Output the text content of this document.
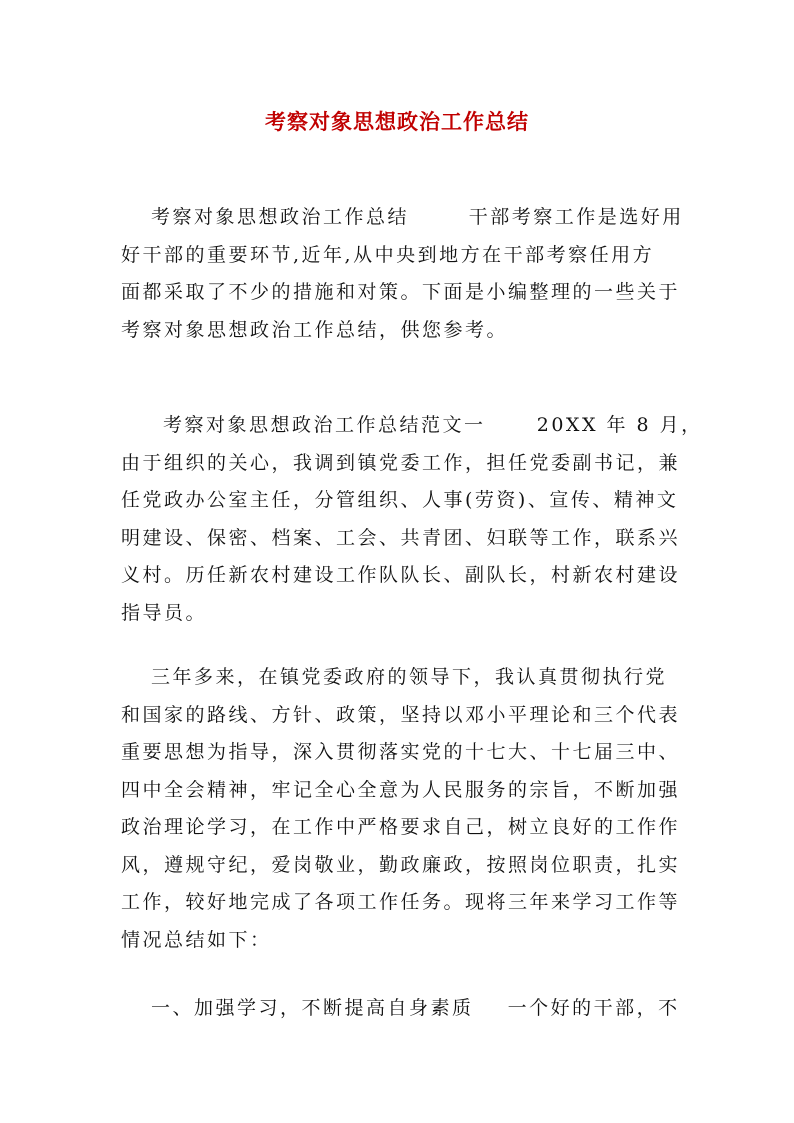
考察对象思想政治工作总结
考察对象思想政治工作总结       干部考察工作是选好用
好干部的重要环节,近年,从中央到地方在干部考察任用方
面都采取了不少的措施和对策。下面是小编整理的一些关于
考察对象思想政治工作总结，供您参考。
考察对象思想政治工作总结范文一      20XX 年 8 月，
由于组织的关心，我调到镇党委工作，担任党委副书记，兼
任党政办公室主任，分管组织、人事(劳资)、宣传、精神文
明建设、保密、档案、工会、共青团、妇联等工作，联系兴
义村。历任新农村建设工作队队长、副队长，村新农村建设
指导员。
三年多来，在镇党委政府的领导下，我认真贯彻执行党
和国家的路线、方针、政策，坚持以邓小平理论和三个代表
重要思想为指导，深入贯彻落实党的十七大、十七届三中、
四中全会精神，牢记全心全意为人民服务的宗旨，不断加强
政治理论学习，在工作中严格要求自己，树立良好的工作作
风，遵规守纪，爱岗敬业，勤政廉政，按照岗位职责，扎实
工作，较好地完成了各项工作任务。现将三年来学习工作等
情况总结如下：
一、加强学习，不断提高自身素质    一个好的干部，不
